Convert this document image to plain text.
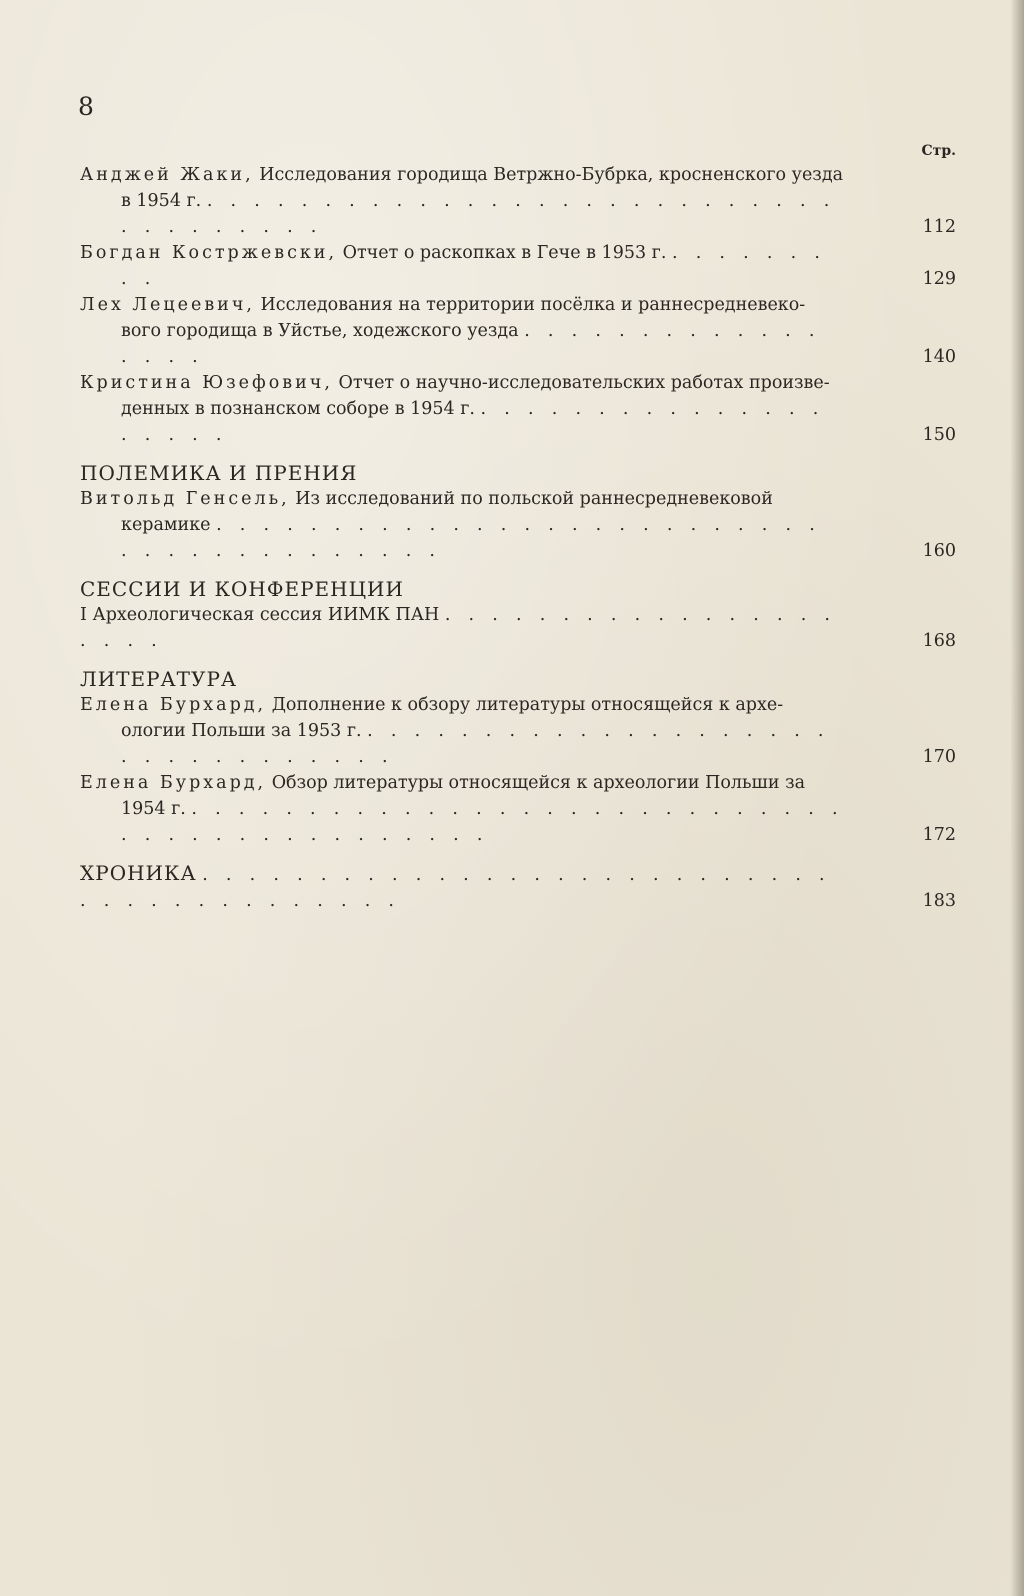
8
Стр.
Анджей Жаки, Исследования городища Ветржно-Бубрка, кросненского уезда в 1954 г. . . . . . . . . . . . . . . . . . . . . . . . . . . . . . . . . . . . .	112
Богдан Костржевски, Отчет о раскопках в Гече в 1953 г. . . . . . . . . .	129
Лех Лецеевич, Исследования на территории посёлка и раннесредневеко- вого городища в Уйстье, ходежского уезда . . . . . . . . . . . . . . . . .	140
Кристина Юзефович, Отчет о научно-исследовательских работах произве- денных в познанском соборе в 1954 г. . . . . . . . . . . . . . . . . . . . .	150
ПОЛЕМИКА И ПРЕНИЯ
Витольд Генсель, Из исследований по польской раннесредневековой керамике . . . . . . . . . . . . . . . . . . . . . . . . . . . . . . . . . . . . . . . .	160
СЕССИИ И КОНФЕРЕНЦИИ
I Археологическая сессия ИИМК ПАН . . . . . . . . . . . . . . . . . . . . .	168
ЛИТЕРАТУРА
Елена Бурхард, Дополнение к обзору литературы относящейся к архе- ологии Польши за 1953 г. . . . . . . . . . . . . . . . . . . . . . . . . . . . . . . . .	170
Елена Бурхард, Обзор литературы относящейся к археологии Польши за 1954 г. . . . . . . . . . . . . . . . . . . . . . . . . . . . . . . . . . . . . . . . . . . . .	172
ХРОНИКА . . . . . . . . . . . . . . . . . . . . . . . . . . . . . . . . . . . . . . . . .	183
